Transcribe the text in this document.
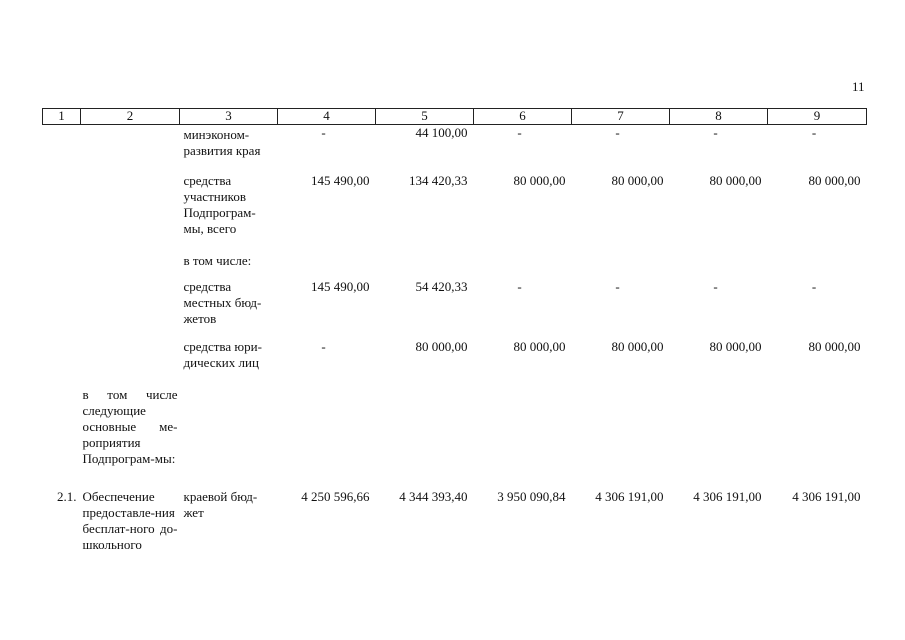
11
1	2	3	4	5	6	7	8	9
		минэконом-развития края	-	44 100,00	-	-	-	-
		средства участников Подпрограм-мы, всего	145 490,00	134 420,33	80 000,00	80 000,00	80 000,00	80 000,00
		в том числе:						
		средства местных бюд-жетов	145 490,00	54 420,33	-	-	-	-
		средства юри-дических лиц	-	80 000,00	80 000,00	80 000,00	80 000,00	80 000,00
	в том числе следующие основные ме-роприятия Подпрограм-мы:							
2.1.	Обеспечение предоставле-ния бесплат-ного до-школьного	краевой бюд-жет	4 250 596,66	4 344 393,40	3 950 090,84	4 306 191,00	4 306 191,00	4 306 191,00
